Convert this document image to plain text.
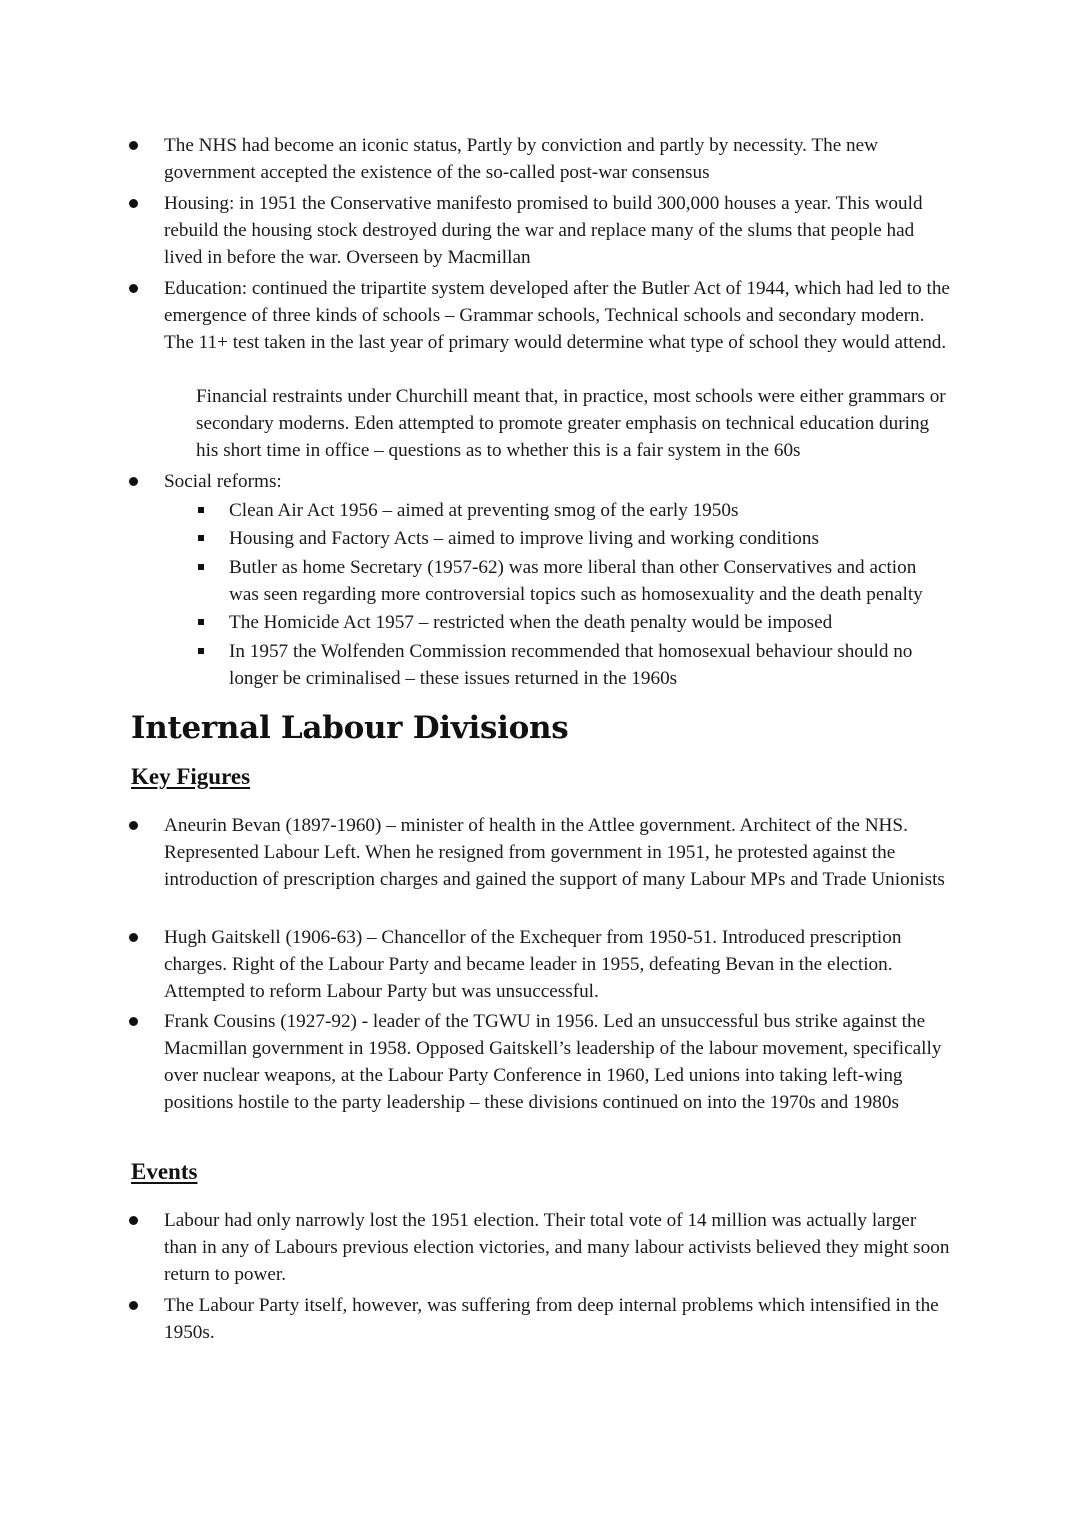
The NHS had become an iconic status, Partly by conviction and partly by necessity. The new government accepted the existence of the so-called post-war consensus
Housing: in 1951 the Conservative manifesto promised to build 300,000 houses a year. This would rebuild the housing stock destroyed during the war and replace many of the slums that people had lived in before the war. Overseen by Macmillan
Education: continued the tripartite system developed after the Butler Act of 1944, which had led to the emergence of three kinds of schools – Grammar schools, Technical schools and secondary modern. The 11+ test taken in the last year of primary would determine what type of school they would attend.
Financial restraints under Churchill meant that, in practice, most schools were either grammars or secondary moderns. Eden attempted to promote greater emphasis on technical education during his short time in office – questions as to whether this is a fair system in the 60s
Social reforms:
Clean Air Act 1956 – aimed at preventing smog of the early 1950s
Housing and Factory Acts – aimed to improve living and working conditions
Butler as home Secretary (1957-62) was more liberal than other Conservatives and action was seen regarding more controversial topics such as homosexuality and the death penalty
The Homicide Act 1957 – restricted when the death penalty would be imposed
In 1957 the Wolfenden Commission recommended that homosexual behaviour should no longer be criminalised – these issues returned in the 1960s
Internal Labour Divisions
Key Figures
Aneurin Bevan (1897-1960) – minister of health in the Attlee government. Architect of the NHS. Represented Labour Left. When he resigned from government in 1951, he protested against the introduction of prescription charges and gained the support of many Labour MPs and Trade Unionists
Hugh Gaitskell (1906-63) – Chancellor of the Exchequer from 1950-51. Introduced prescription charges. Right of the Labour Party and became leader in 1955, defeating Bevan in the election. Attempted to reform Labour Party but was unsuccessful.
Frank Cousins (1927-92) - leader of the TGWU in 1956. Led an unsuccessful bus strike against the Macmillan government in 1958. Opposed Gaitskell’s leadership of the labour movement, specifically over nuclear weapons, at the Labour Party Conference in 1960, Led unions into taking left-wing positions hostile to the party leadership – these divisions continued on into the 1970s and 1980s
Events
Labour had only narrowly lost the 1951 election. Their total vote of 14 million was actually larger than in any of Labours previous election victories, and many labour activists believed they might soon return to power.
The Labour Party itself, however, was suffering from deep internal problems which intensified in the 1950s.
